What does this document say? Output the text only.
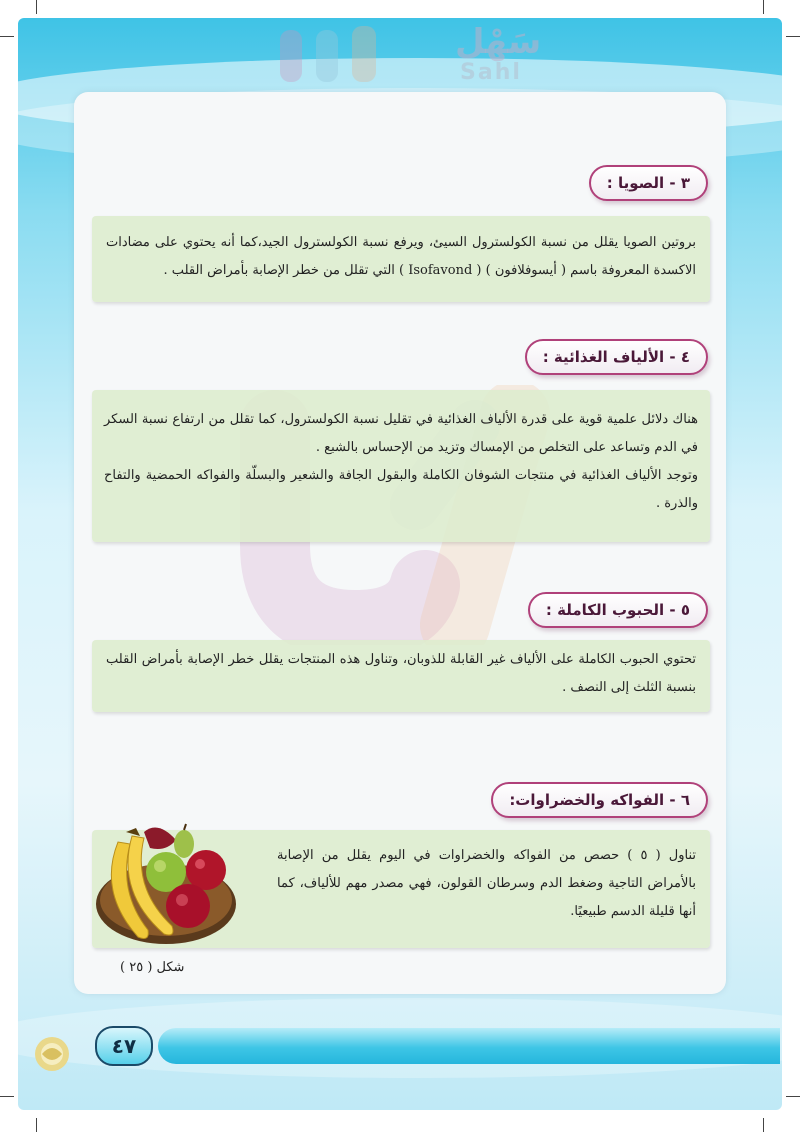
سَهْل
Sahl
٣ - الصويا :

بروتين الصويا يقلل من نسبة الكولسترول السيئ، ويرفع نسبة الكولسترول الجيد،كما أنه يحتوي على مضادات الاكسدة المعروفة باسم ( أيسوفلافون ) ( Isofavond ) التي تقلل من خطر الإصابة بأمراض القلب .

٤ - الألياف الغذائية :

هناك دلائل علمية قوية على قدرة الألياف الغذائية في تقليل نسبة الكولسترول، كما تقلل من ارتفاع نسبة السكر في الدم وتساعد على التخلص من الإمساك وتزيد من الإحساس بالشبع .

وتوجد الألياف الغذائية في منتجات الشوفان الكاملة والبقول الجافة والشعير والبسلّة والفواكه الحمضية والتفاح والذرة .

٥ - الحبوب الكاملة :

تحتوي الحبوب الكاملة على الألياف غير القابلة للذوبان، وتناول هذه المنتجات يقلل خطر الإصابة بأمراض القلب بنسبة الثلث إلى النصف .

٦ - الفواكه والخضراوات:

تناول ( ٥ ) حصص من الفواكه والخضراوات في اليوم يقلل من الإصابة بالأمراض التاجية وضغط الدم وسرطان القولون، فهي مصدر مهم للألياف، كما أنها قليلة الدسم طبيعيًا.

شكل ( ٢٥ )
٤٧
